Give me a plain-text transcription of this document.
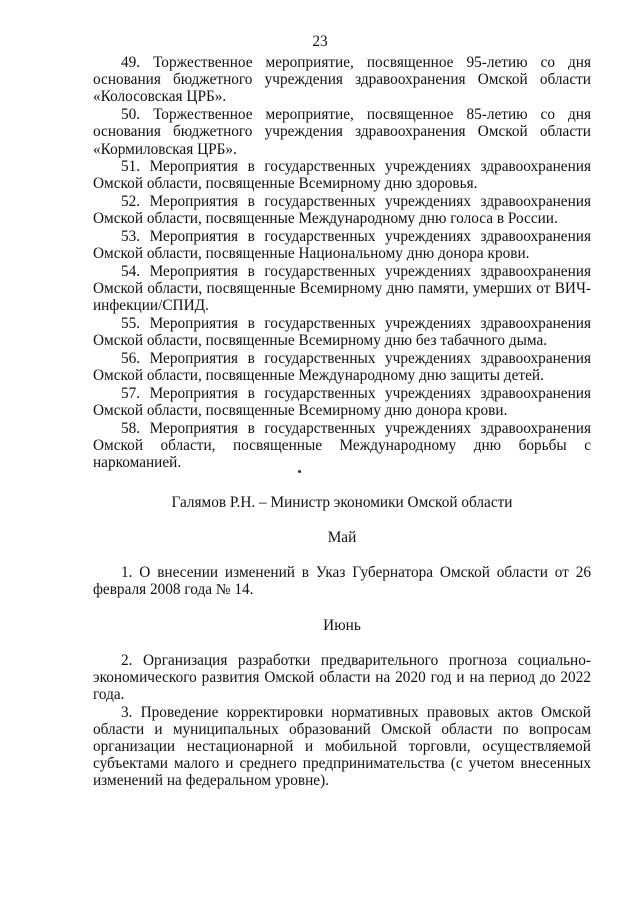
23

49. Торжественное мероприятие, посвященное 95-летию со дня основания бюджетного учреждения здравоохранения Омской области «Колосовская ЦРБ».

50. Торжественное мероприятие, посвященное 85-летию со дня основания бюджетного учреждения здравоохранения Омской области «Кормиловская ЦРБ».

51. Мероприятия в государственных учреждениях здравоохранения Омской области, посвященные Всемирному дню здоровья.

52. Мероприятия в государственных учреждениях здравоохранения Омской области, посвященные Международному дню голоса в России.

53. Мероприятия в государственных учреждениях здравоохранения Омской области, посвященные Национальному дню донора крови.

54. Мероприятия в государственных учреждениях здравоохранения Омской области, посвященные Всемирному дню памяти, умерших от ВИЧ-инфекции/СПИД.

55. Мероприятия в государственных учреждениях здравоохранения Омской области, посвященные Всемирному дню без табачного дыма.

56. Мероприятия в государственных учреждениях здравоохранения Омской области, посвященные Международному дню защиты детей.

57. Мероприятия в государственных учреждениях здравоохранения Омской области, посвященные Всемирному дню донора крови.

58. Мероприятия в государственных учреждениях здравоохранения Омской области, посвященные Международному дню борьбы с наркоманией.

Галямов Р.Н. – Министр экономики Омской области

Май

1. О внесении изменений в Указ Губернатора Омской области от 26 февраля 2008 года № 14.

Июнь

2. Организация разработки предварительного прогноза социально-экономического развития Омской области на 2020 год и на период до 2022 года.

3. Проведение корректировки нормативных правовых актов Омской области и муниципальных образований Омской области по вопросам организации нестационарной и мобильной торговли, осуществляемой субъектами малого и среднего предпринимательства (с учетом внесенных изменений на федеральном уровне).
